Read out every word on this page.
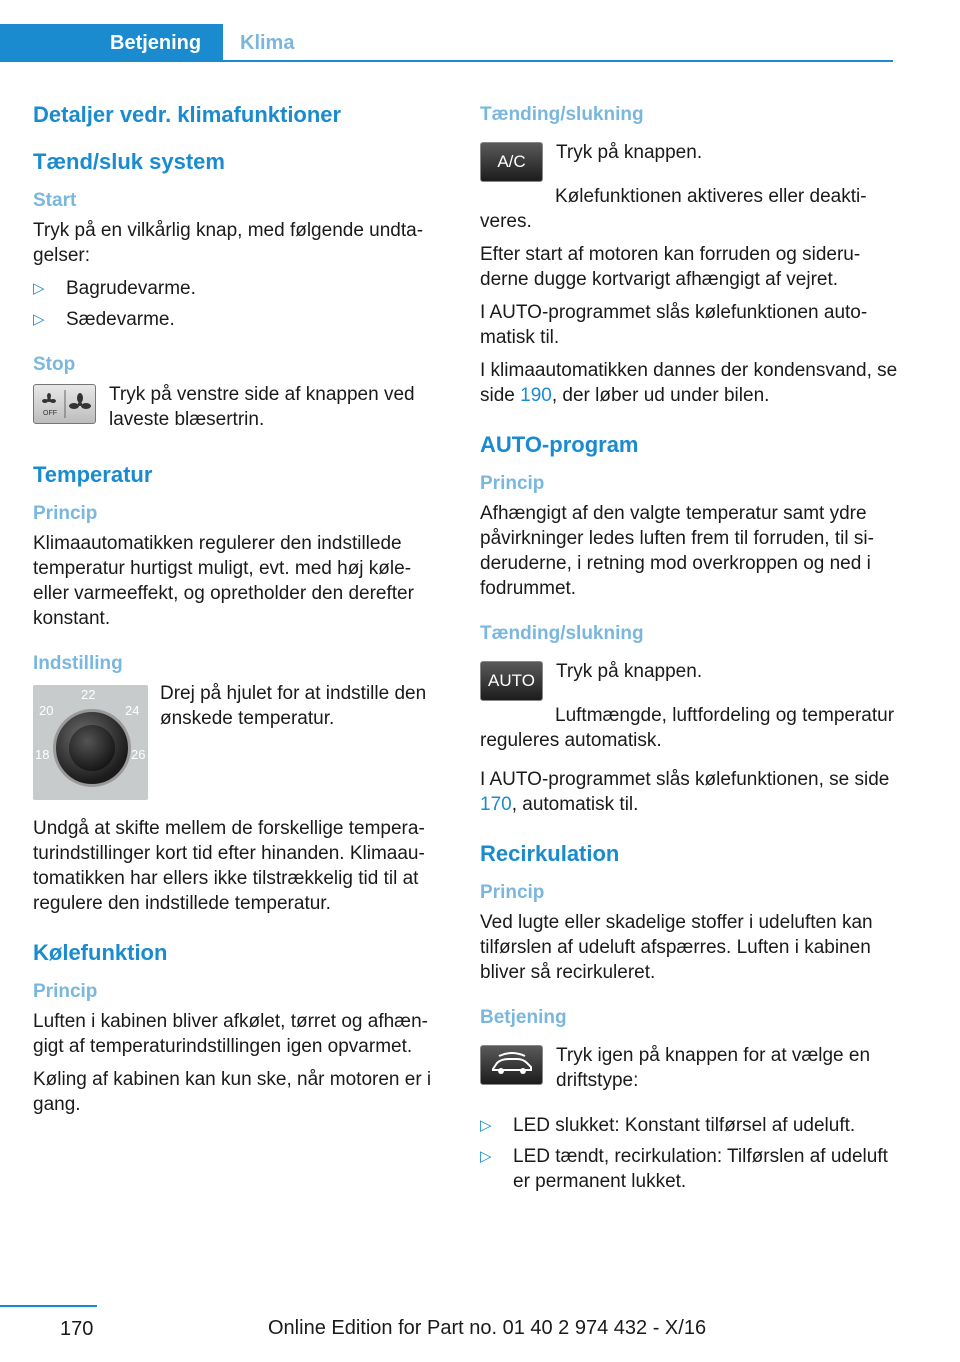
Betjening	Klima
Detaljer vedr. klimafunktioner
Tænd/sluk system
Start

Tryk på en vilkårlig knap, med følgende undtagelser:

▷ Bagrudevarme.
▷ Sædevarme.
Stop
OFF

Tryk på venstre side af knappen ved laveste blæsertrin.

Temperatur
Princip

Klimaautomatikken regulerer den indstillede temperatur hurtigst muligt, evt. med høj køle- eller varmeeffekt, og opretholder den derefter konstant.

Indstilling
22
20	24
18	26

Drej på hjulet for at indstille den ønskede temperatur.

Undgå at skifte mellem de forskellige temperaturindstillinger kort tid efter hinanden. Klimaautomatikken har ellers ikke tilstrækkelig tid til at regulere den indstillede temperatur.

Kølefunktion
Princip

Luften i kabinen bliver afkølet, tørret og afhængigt af temperaturindstillingen igen opvarmet.

Køling af kabinen kan kun ske, når motoren er i gang.

Tænding/slukning
A/C	Tryk på knappen.

Kølefunktionen aktiveres eller deaktiveres.

Efter start af motoren kan forruden og sideruderne dugge kortvarigt afhængigt af vejret.

I AUTO-programmet slås kølefunktionen automatisk til.

I klimaautomatikken dannes der kondensvand, se side 190, der løber ud under bilen.

AUTO-program
Princip

Afhængigt af den valgte temperatur samt ydre påvirkninger ledes luften frem til forruden, til sideruderne, i retning mod overkroppen og ned i fodrummet.

Tænding/slukning
AUTO	Tryk på knappen.

Luftmængde, luftfordeling og temperatur reguleres automatisk.

I AUTO-programmet slås kølefunktionen, se side 170, automatisk til.

Recirkulation
Princip

Ved lugte eller skadelige stoffer i udeluften kan tilførslen af udeluft afspærres. Luften i kabinen bliver så recirkuleret.

Betjening

Tryk igen på knappen for at vælge en driftstype:

▷ LED slukket: Konstant tilførsel af udeluft.
▷ LED tændt, recirkulation: Tilførslen af udeluft er permanent lukket.
170	Online Edition for Part no. 01 40 2 974 432 - X/16
